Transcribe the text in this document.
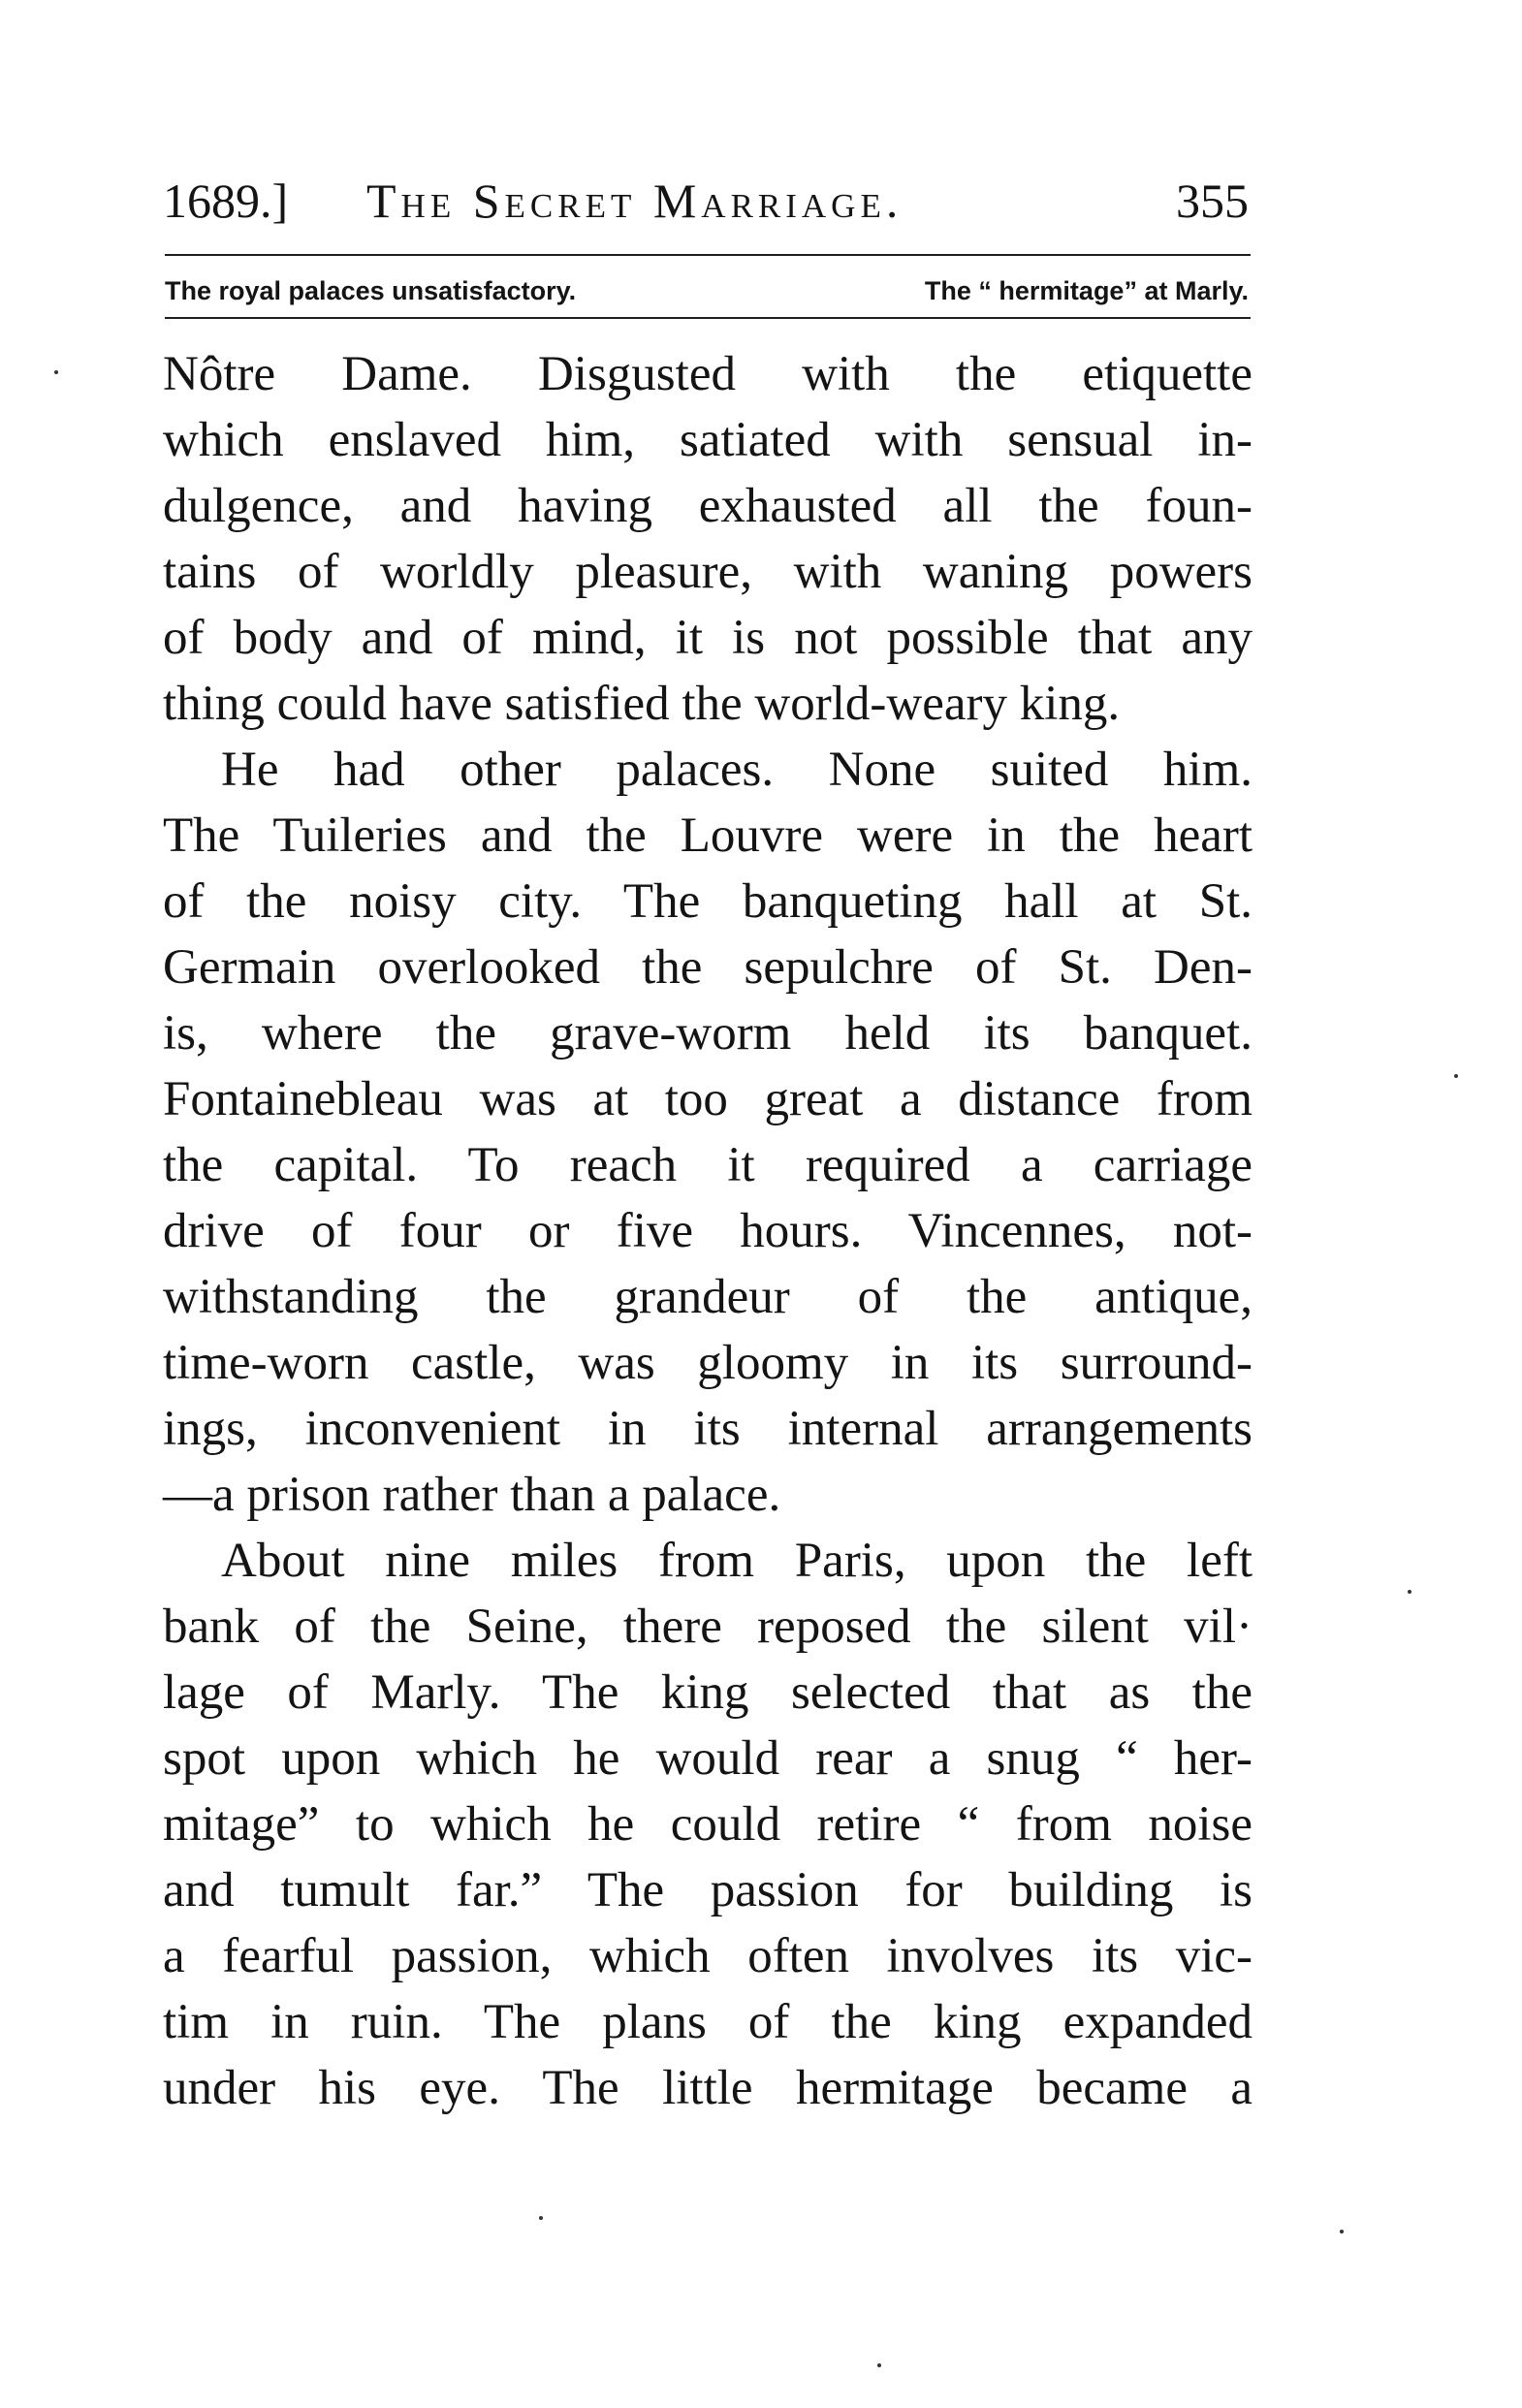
1689.] The Secret Marriage.	355
The royal palaces unsatisfactory.	The “ hermitage” at Marly.
Nôtre Dame. Disgusted with the etiquette
which enslaved him, satiated with sensual in-
dulgence, and having exhausted all the foun-
tains of worldly pleasure, with waning powers
of body and of mind, it is not possible that any
thing could have satisfied the world-weary king.
He had other palaces. None suited him.
The Tuileries and the Louvre were in the heart
of the noisy city. The banqueting hall at St.
Germain overlooked the sepulchre of St. Den-
is, where the grave-worm held its banquet.
Fontainebleau was at too great a distance from
the capital. To reach it required a carriage
drive of four or five hours. Vincennes, not-
withstanding the grandeur of the antique,
time-worn castle, was gloomy in its surround-
ings, inconvenient in its internal arrangements
—a prison rather than a palace.
About nine miles from Paris, upon the left
bank of the Seine, there reposed the silent vil·
lage of Marly. The king selected that as the
spot upon which he would rear a snug “ her-
mitage” to which he could retire “ from noise
and tumult far.” The passion for building is
a fearful passion, which often involves its vic-
tim in ruin. The plans of the king expanded
under his eye. The little hermitage became a
